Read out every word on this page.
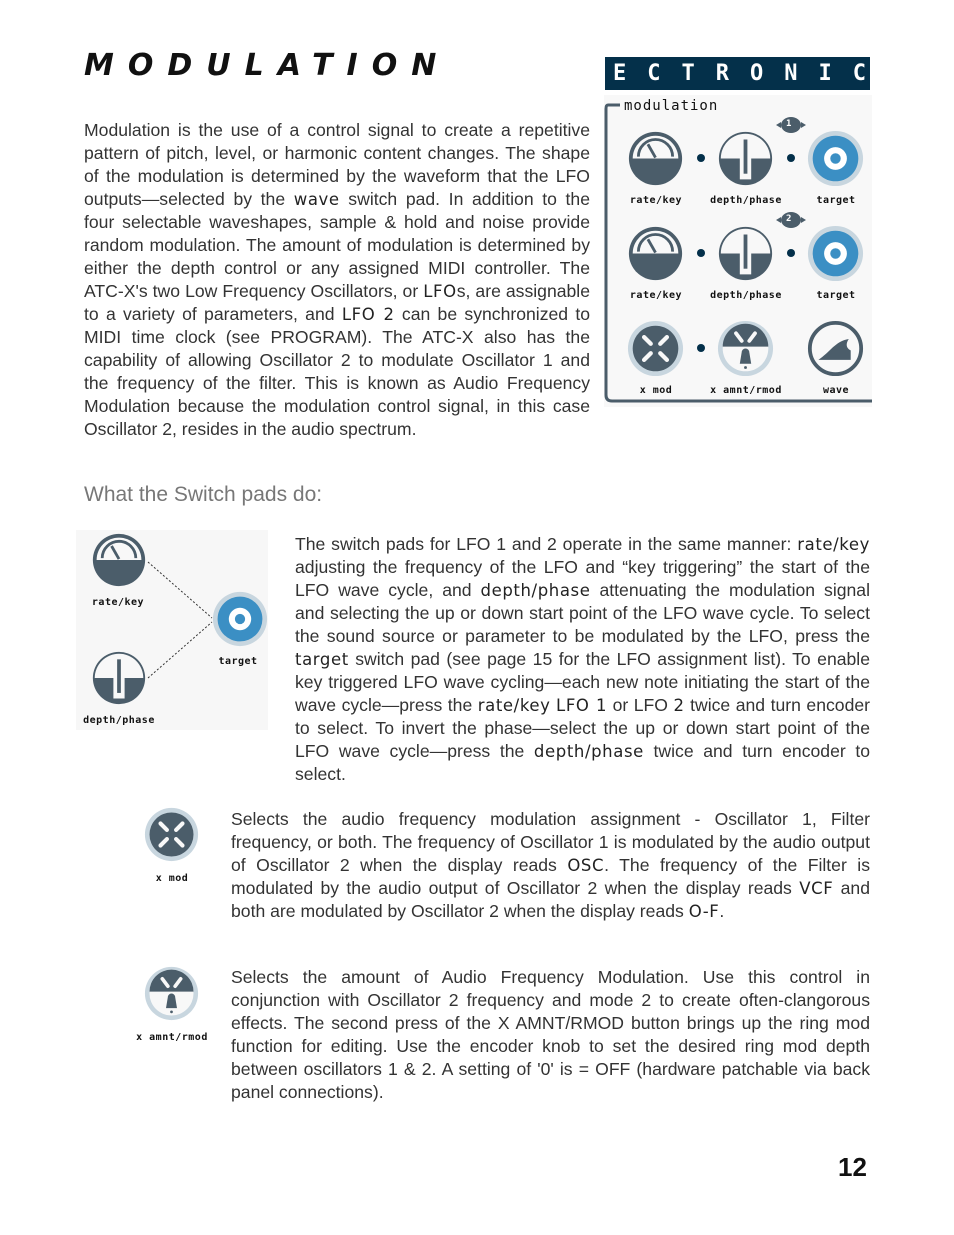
MODULATION	ECTRONICS
modulation
1
2
rate/key	depth/phase	target
rate/key	depth/phase	target
x mod	x amnt/rmod	wave

Modulation is the use of a control signal to create a repetitive pattern of pitch, level, or harmonic content changes. The shape of the modulation is determined by the waveform that the LFO outputs—selected by the wave switch pad. In addition to the four selectable waveshapes, sample & hold and noise provide random modulation. The amount of modulation is determined by either the depth control or any assigned MIDI controller. The ATC-X's two Low Frequency Oscillators, or LFOs, are assignable to a variety of parameters, and LFO 2 can be synchronized to MIDI time clock (see PROGRAM). The ATC-X also has the capability of allowing Oscillator 2 to modulate Oscillator 1 and the frequency of the filter. This is known as Audio Frequency Modulation because the modulation control signal, in this case Oscillator 2, resides in the audio spectrum.

What the Switch pads do:
rate/key
target
depth/phase

The switch pads for LFO 1 and 2 operate in the same manner: rate/key adjusting the frequency of the LFO and “key triggering” the start of the LFO wave cycle, and depth/phase attenuating the modulation signal and selecting the up or down start point of the LFO wave cycle. To select the sound source or parameter to be modulated by the LFO, press the target switch pad (see page 15 for the LFO assignment list). To enable key triggered LFO wave cycling—each new note initiating the start of the wave cycle—press the rate/key LFO 1 or LFO 2 twice and turn encoder to select. To invert the phase—select the up or down start point of the LFO wave cycle—press the depth/phase twice and turn encoder to select.

x mod

Selects the audio frequency modulation assignment - Oscillator 1, Filter frequency, or both. The frequency of Oscillator 1 is modulated by the audio output of Oscillator 2 when the display reads OSC. The frequency of the Filter is modulated by the audio output of Oscillator 2 when the display reads VCF and both are modulated by Oscillator 2 when the display reads O-F.

x amnt/rmod

Selects the amount of Audio Frequency Modulation. Use this control in conjunction with Oscillator 2 frequency and mode 2 to create often-clangorous effects. The second press of the X AMNT/RMOD button brings up the ring mod function for editing. Use the encoder knob to set the desired ring mod depth between oscillators 1 & 2. A setting of '0' is = OFF (hardware patchable via back panel connections).

12
